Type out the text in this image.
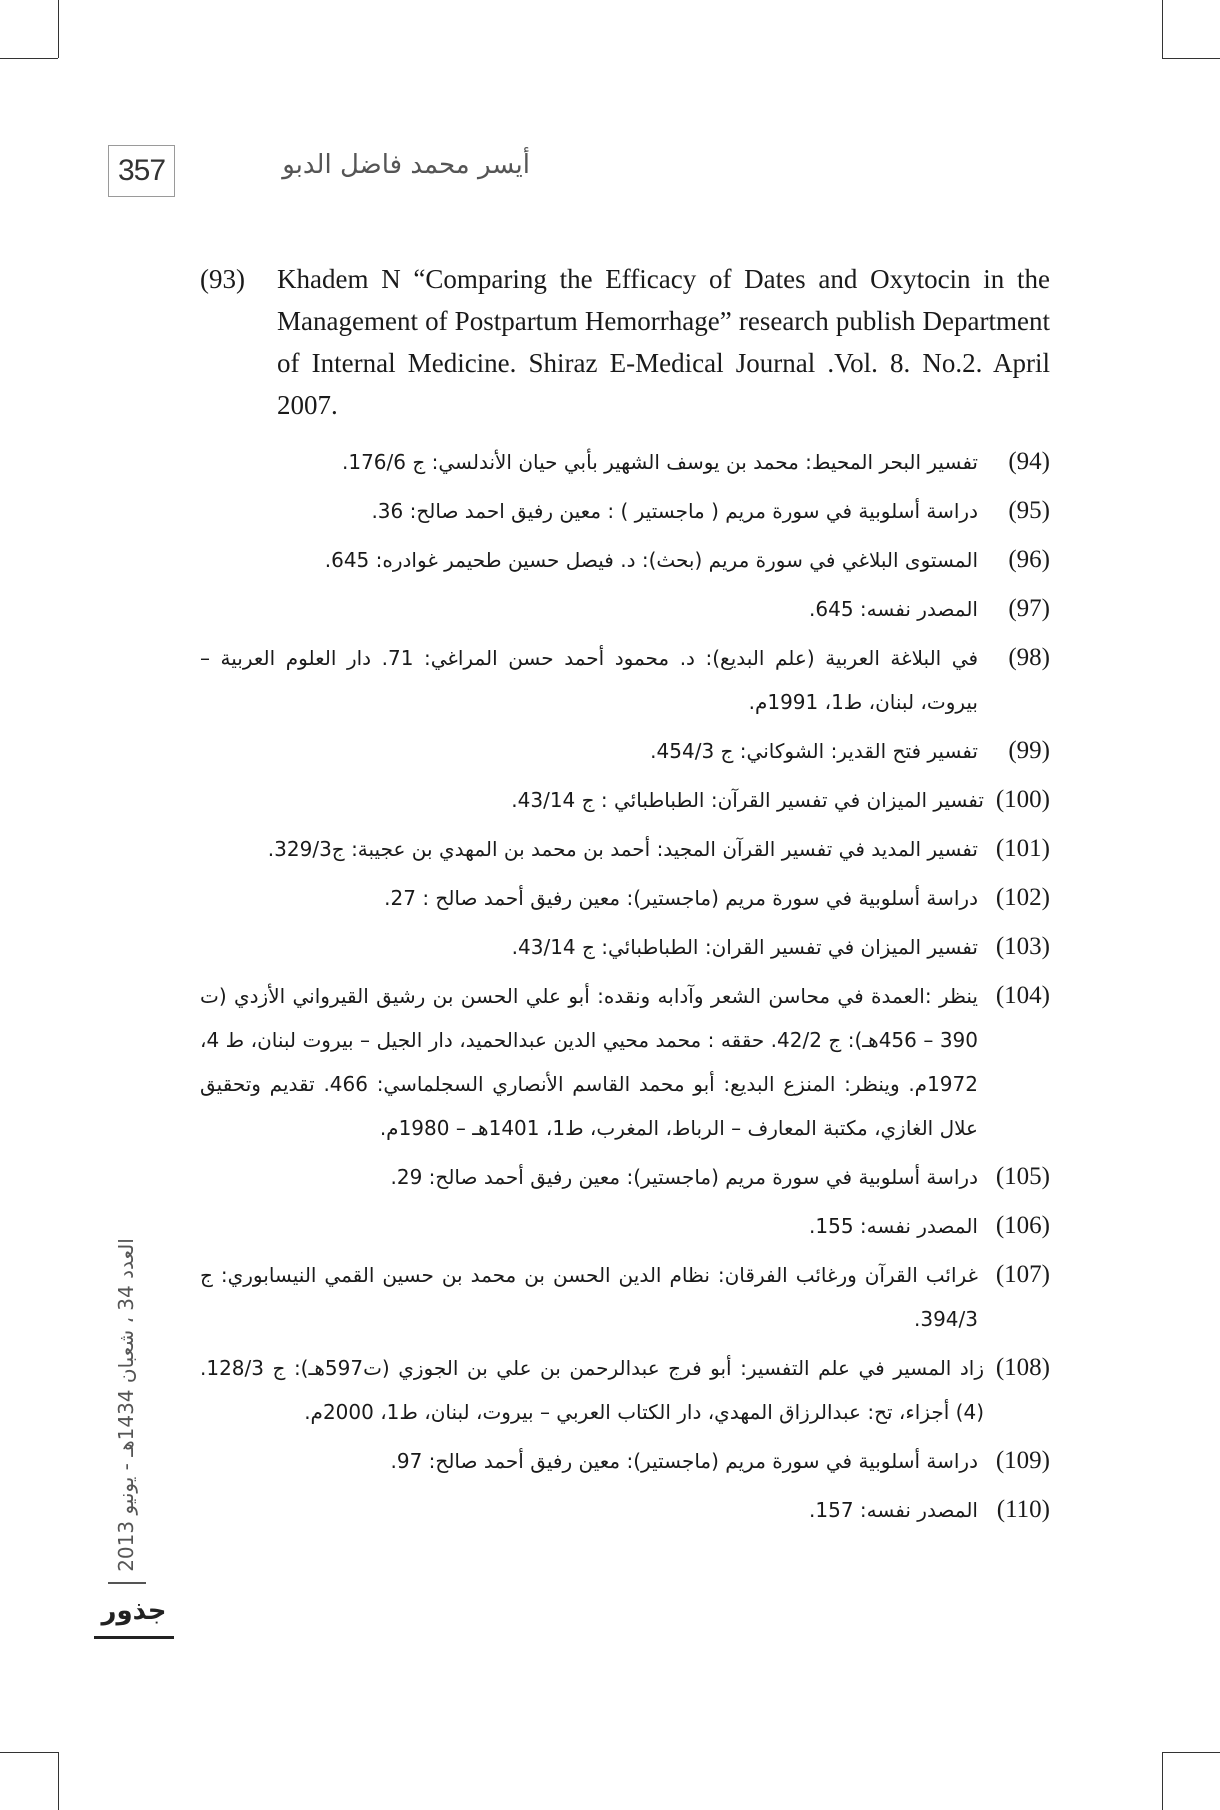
357	أيسر محمد فاضل الدبو
(93)	Khadem N “Comparing the Efficacy of Dates and Oxytocin in the Management of Postpartum Hemorrhage” research publish Department of Internal Medicine. Shiraz E-Medical Journal .Vol. 8. No.2. April 2007.
(94)
تفسير البحر المحيط: محمد بن يوسف الشهير بأبي حيان الأندلسي: ج 176/6.
(95)
دراسة أسلوبية في سورة مريم ( ماجستير ) : معين رفيق احمد صالح: 36.
(96)
المستوى البلاغي في سورة مريم (بحث): د. فيصل حسين طحيمر غوادره: 645.
(97)
المصدر نفسه: 645.
(98)
في البلاغة العربية (علم البديع): د. محمود أحمد حسن المراغي: 71. دار العلوم العربية – بيروت، لبنان، ط1، 1991م.
(99)
تفسير فتح القدير: الشوكاني: ج 454/3.
(100)
تفسير الميزان في تفسير القرآن: الطباطبائي : ج 43/14.
(101)
تفسير المديد في تفسير القرآن المجيد: أحمد بن محمد بن المهدي بن عجيبة: ج329/3.
(102)
دراسة أسلوبية في سورة مريم (ماجستير): معين رفيق أحمد صالح : 27.
(103)
تفسير الميزان في تفسير القران: الطباطبائي: ج 43/14.
(104)
ينظر :العمدة في محاسن الشعر وآدابه ونقده: أبو علي الحسن بن رشيق القيرواني الأزدي (ت 390 – 456هـ): ج 42/2. حققه : محمد محيي الدين عبدالحميد، دار الجيل – بيروت لبنان، ط 4، 1972م. وينظر: المنزع البديع: أبو محمد القاسم الأنصاري السجلماسي: 466. تقديم وتحقيق علال الغازي، مكتبة المعارف – الرباط، المغرب، ط1، 1401هـ – 1980م.
(105)
دراسة أسلوبية في سورة مريم (ماجستير): معين رفيق أحمد صالح: 29.
(106)
المصدر نفسه: 155.
(107)
غرائب القرآن ورغائب الفرقان: نظام الدين الحسن بن محمد بن حسين القمي النيسابوري: ج 394/3.
(108)
زاد المسير في علم التفسير: أبو فرج عبدالرحمن بن علي بن الجوزي (ت597هـ): ج 128/3. (4) أجزاء، تح: عبدالرزاق المهدي، دار الكتاب العربي – بيروت، لبنان، ط1، 2000م.
(109)
دراسة أسلوبية في سورة مريم (ماجستير): معين رفيق أحمد صالح: 97.
(110)
المصدر نفسه: 157.
العدد 34 ، شعبان 1434هـ - يونيو 2013
جذور
